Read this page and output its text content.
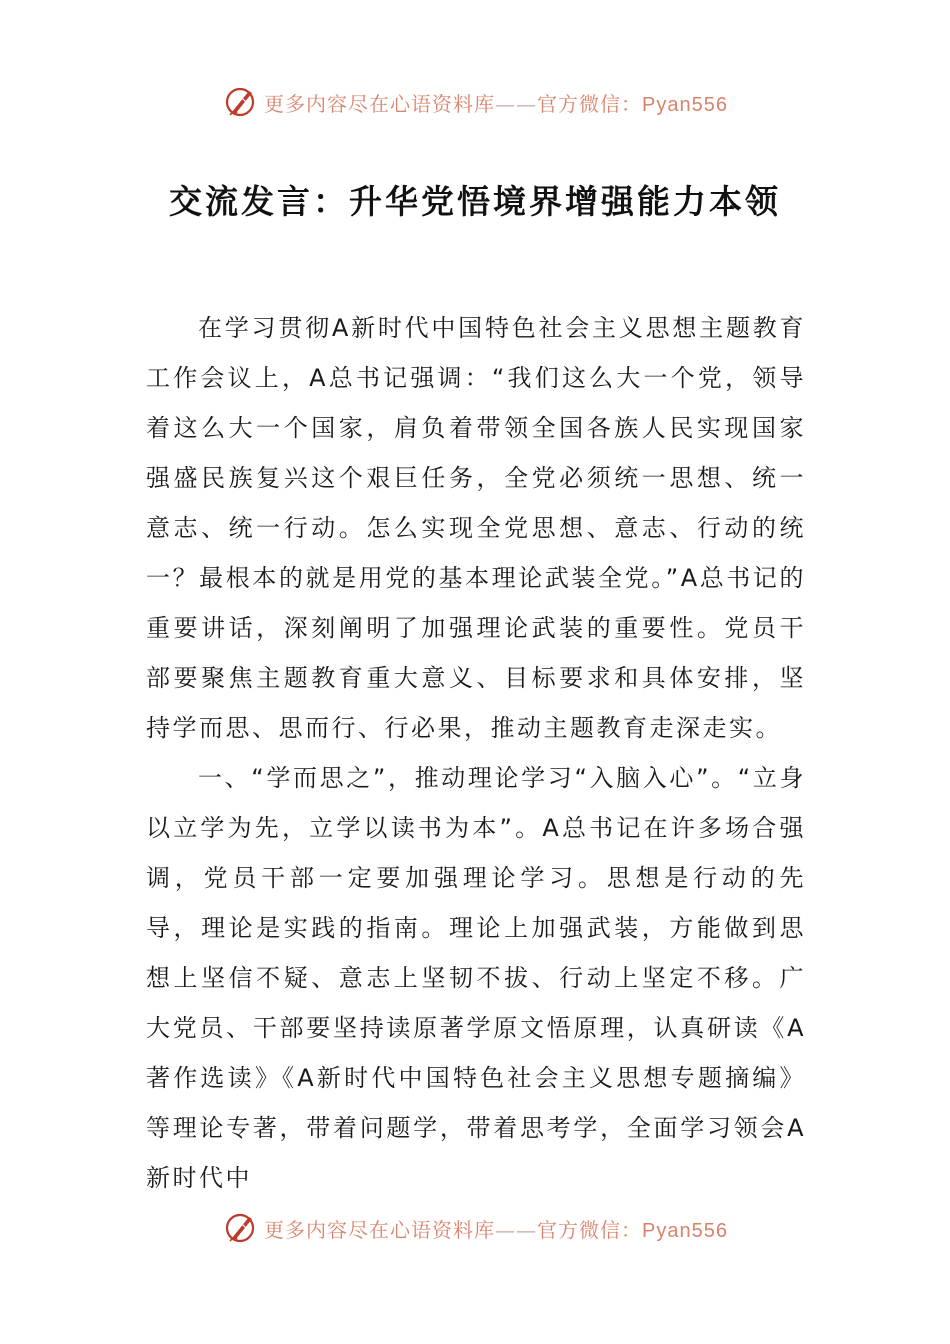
更多内容尽在心语资料库——官方微信：Pyan556
交流发言：升华党悟境界增强能力本领

在学习贯彻A新时代中国特色社会主义思想主题教育工作会议上，A总书记强调：“我们这么大一个党，领导着这么大一个国家，肩负着带领全国各族人民实现国家强盛民族复兴这个艰巨任务，全党必须统一思想、统一意志、统一行动。怎么实现全党思想、意志、行动的统一？最根本的就是用党的基本理论武装全党。”A总书记的重要讲话，深刻阐明了加强理论武装的重要性。党员干部要聚焦主题教育重大意义、目标要求和具体安排，坚持学而思、思而行、行必果，推动主题教育走深走实。

一、“学而思之”，推动理论学习“入脑入心”。“立身以立学为先，立学以读书为本”。A总书记在许多场合强调，党员干部一定要加强理论学习。思想是行动的先导，理论是实践的指南。理论上加强武装，方能做到思想上坚信不疑、意志上坚韧不拔、行动上坚定不移。广大党员、干部要坚持读原著学原文悟原理，认真研读《A著作选读》《A新时代中国特色社会主义思想专题摘编》等理论专著，带着问题学，带着思考学，全面学习领会A新时代中

更多内容尽在心语资料库——官方微信：Pyan556
